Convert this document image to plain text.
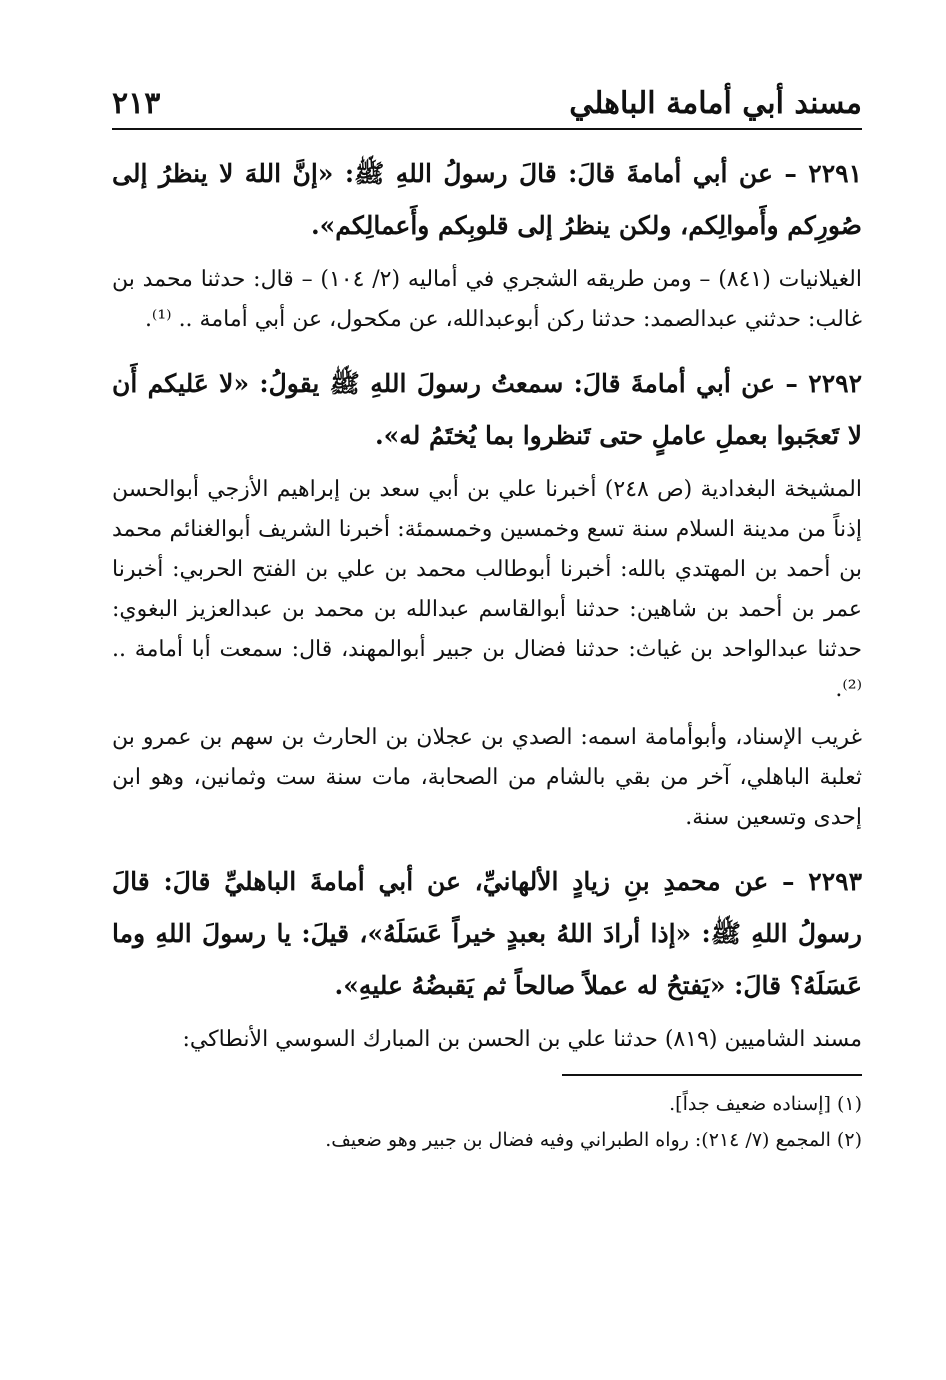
مسند أبي أمامة الباهلي
٢١٣

٢٢٩١ – عن أبي أمامةَ قالَ: قالَ رسولُ اللهِ ﷺ: «إنَّ اللهَ لا ينظرُ إلى صُورِكم وأَموالِكم، ولكن ينظرُ إلى قلوبِكم وأَعمالِكم».

الغيلانيات (٨٤١) – ومن طريقه الشجري في أماليه (٢/ ١٠٤) – قال: حدثنا محمد بن غالب: حدثني عبدالصمد: حدثنا ركن أبوعبدالله، عن مكحول، عن أبي أمامة .. ⁽¹⁾.

٢٢٩٢ – عن أبي أمامةَ قالَ: سمعتُ رسولَ اللهِ ﷺ يقولُ: «لا عَليكم أَن لا تَعجَبوا بعملِ عاملٍ حتى تَنظروا بما يُختَمُ له».

المشيخة البغدادية (ص ٢٤٨) أخبرنا علي بن أبي سعد بن إبراهيم الأزجي أبوالحسن إذناً من مدينة السلام سنة تسع وخمسين وخمسمئة: أخبرنا الشريف أبوالغنائم محمد بن أحمد بن المهتدي بالله: أخبرنا أبوطالب محمد بن علي بن الفتح الحربي: أخبرنا عمر بن أحمد بن شاهين: حدثنا أبوالقاسم عبدالله بن محمد بن عبدالعزيز البغوي: حدثنا عبدالواحد بن غياث: حدثنا فضال بن جبير أبوالمهند، قال: سمعت أبا أمامة .. ⁽²⁾.

غريب الإسناد، وأبوأمامة اسمه: الصدي بن عجلان بن الحارث بن سهم بن عمرو بن ثعلبة الباهلي، آخر من بقي بالشام من الصحابة، مات سنة ست وثمانين، وهو ابن إحدى وتسعين سنة.

٢٢٩٣ – عن محمدِ بنِ زيادٍ الألهانيِّ، عن أبي أمامةَ الباهليِّ قالَ: قالَ رسولُ اللهِ ﷺ: «إذا أرادَ اللهُ بعبدٍ خيراً عَسَلَهُ»، قيلَ: يا رسولَ اللهِ وما عَسَلَهُ؟ قالَ: «يَفتحُ له عملاً صالحاً ثم يَقبضُهُ عليهِ».

مسند الشاميين (٨١٩) حدثنا علي بن الحسن بن المبارك السوسي الأنطاكي:

(١) [إسناده ضعيف جداً].

(٢) المجمع (٧/ ٢١٤): رواه الطبراني وفيه فضال بن جبير وهو ضعيف.
